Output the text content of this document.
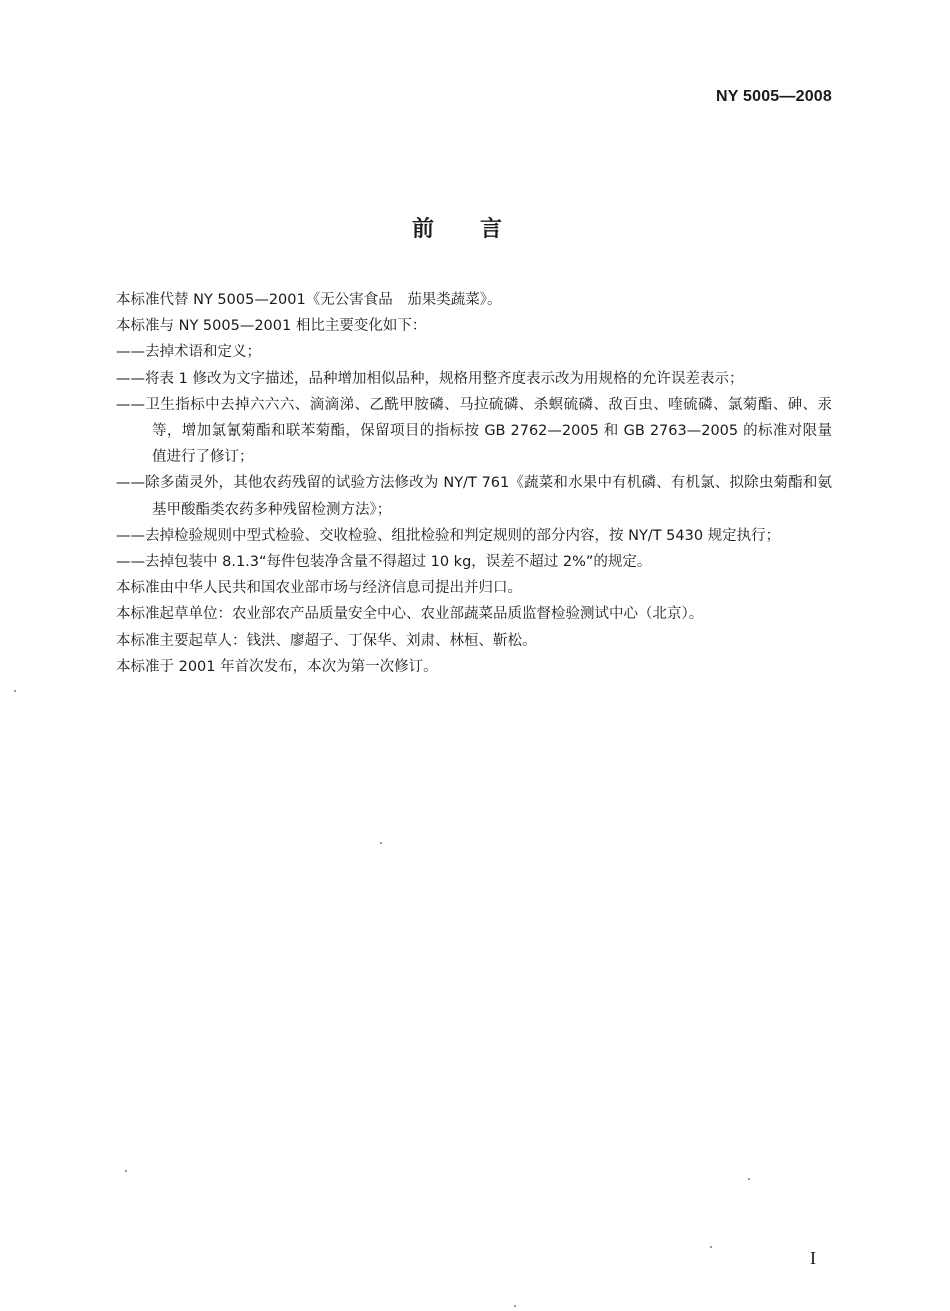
NY 5005—2008
前言

本标准代替 NY 5005—2001《无公害食品　茄果类蔬菜》。

本标准与 NY 5005—2001 相比主要变化如下：

——去掉术语和定义；

——将表 1 修改为文字描述，品种增加相似品种，规格用整齐度表示改为用规格的允许误差表示；

——卫生指标中去掉六六六、滴滴涕、乙酰甲胺磷、马拉硫磷、杀螟硫磷、敌百虫、喹硫磷、氯菊酯、砷、汞等，增加氯氰菊酯和联苯菊酯，保留项目的指标按 GB 2762—2005 和 GB 2763—2005 的标准对限量值进行了修订；

——除多菌灵外，其他农药残留的试验方法修改为 NY/T 761《蔬菜和水果中有机磷、有机氯、拟除虫菊酯和氨基甲酸酯类农药多种残留检测方法》；

——去掉检验规则中型式检验、交收检验、组批检验和判定规则的部分内容，按 NY/T 5430 规定执行；

——去掉包装中 8.1.3“每件包装净含量不得超过 10 kg，误差不超过 2%”的规定。

本标准由中华人民共和国农业部市场与经济信息司提出并归口。

本标准起草单位：农业部农产品质量安全中心、农业部蔬菜品质监督检验测试中心（北京）。

本标准主要起草人：钱洪、廖超子、丁保华、刘肃、林桓、靳松。

本标准于 2001 年首次发布，本次为第一次修订。

I
